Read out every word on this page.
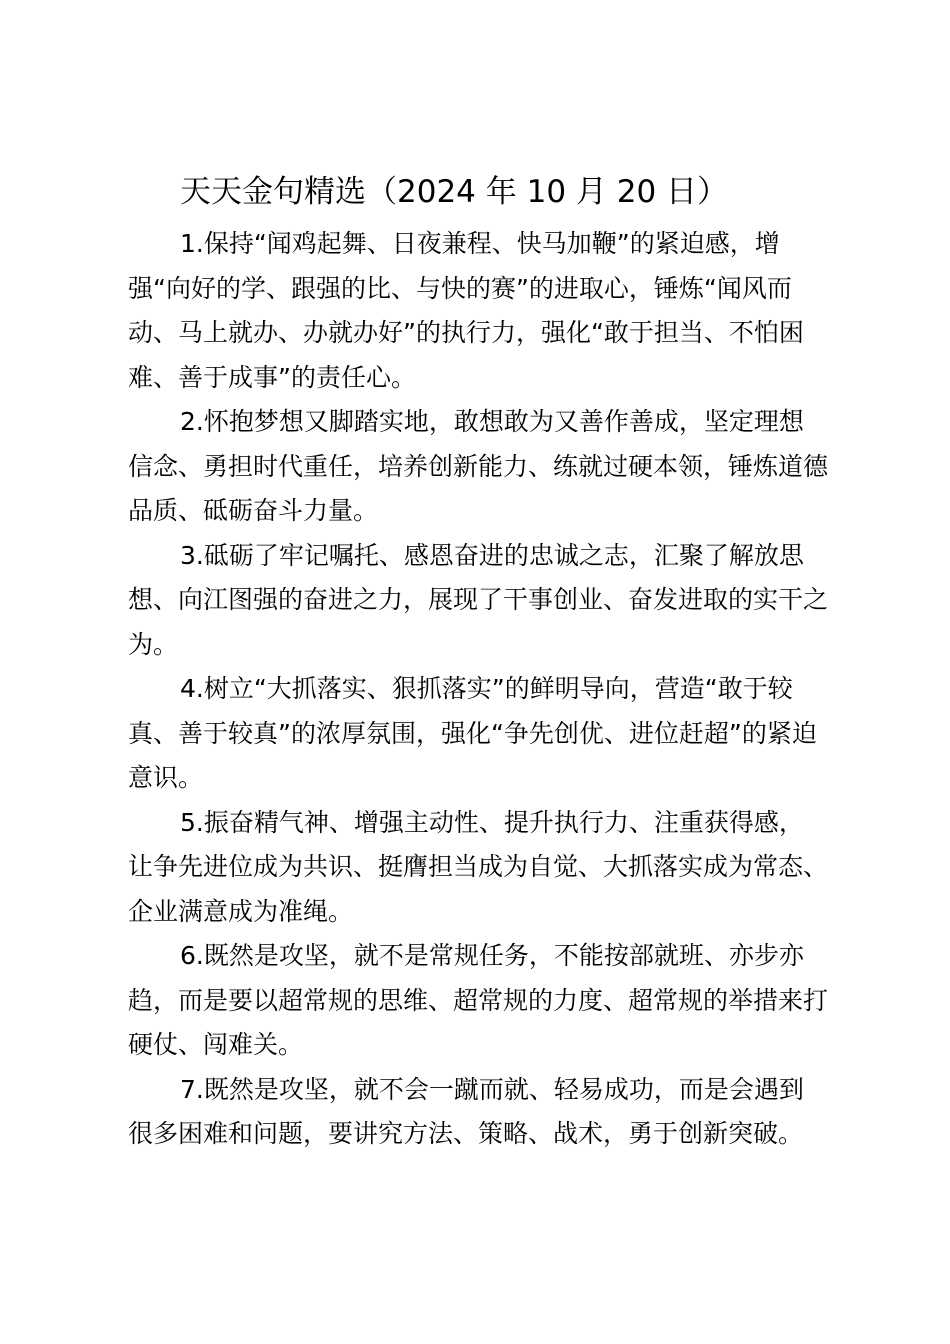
天天金句精选（2024 年 10 月 20 日）

1.保持“闻鸡起舞、日夜兼程、快马加鞭”的紧迫感，增强“向好的学、跟强的比、与快的赛”的进取心，锤炼“闻风而动、马上就办、办就办好”的执行力，强化“敢于担当、不怕困难、善于成事”的责任心。

2.怀抱梦想又脚踏实地，敢想敢为又善作善成，坚定理想信念、勇担时代重任，培养创新能力、练就过硬本领，锤炼道德品质、砥砺奋斗力量。

3.砥砺了牢记嘱托、感恩奋进的忠诚之志，汇聚了解放思想、向江图强的奋进之力，展现了干事创业、奋发进取的实干之为。

4.树立“大抓落实、狠抓落实”的鲜明导向，营造“敢于较真、善于较真”的浓厚氛围，强化“争先创优、进位赶超”的紧迫意识。

5.振奋精气神、增强主动性、提升执行力、注重获得感，让争先进位成为共识、挺膺担当成为自觉、大抓落实成为常态、企业满意成为准绳。

6.既然是攻坚，就不是常规任务，不能按部就班、亦步亦趋，而是要以超常规的思维、超常规的力度、超常规的举措来打硬仗、闯难关。

7.既然是攻坚，就不会一蹴而就、轻易成功，而是会遇到很多困难和问题，要讲究方法、策略、战术，勇于创新突破。
